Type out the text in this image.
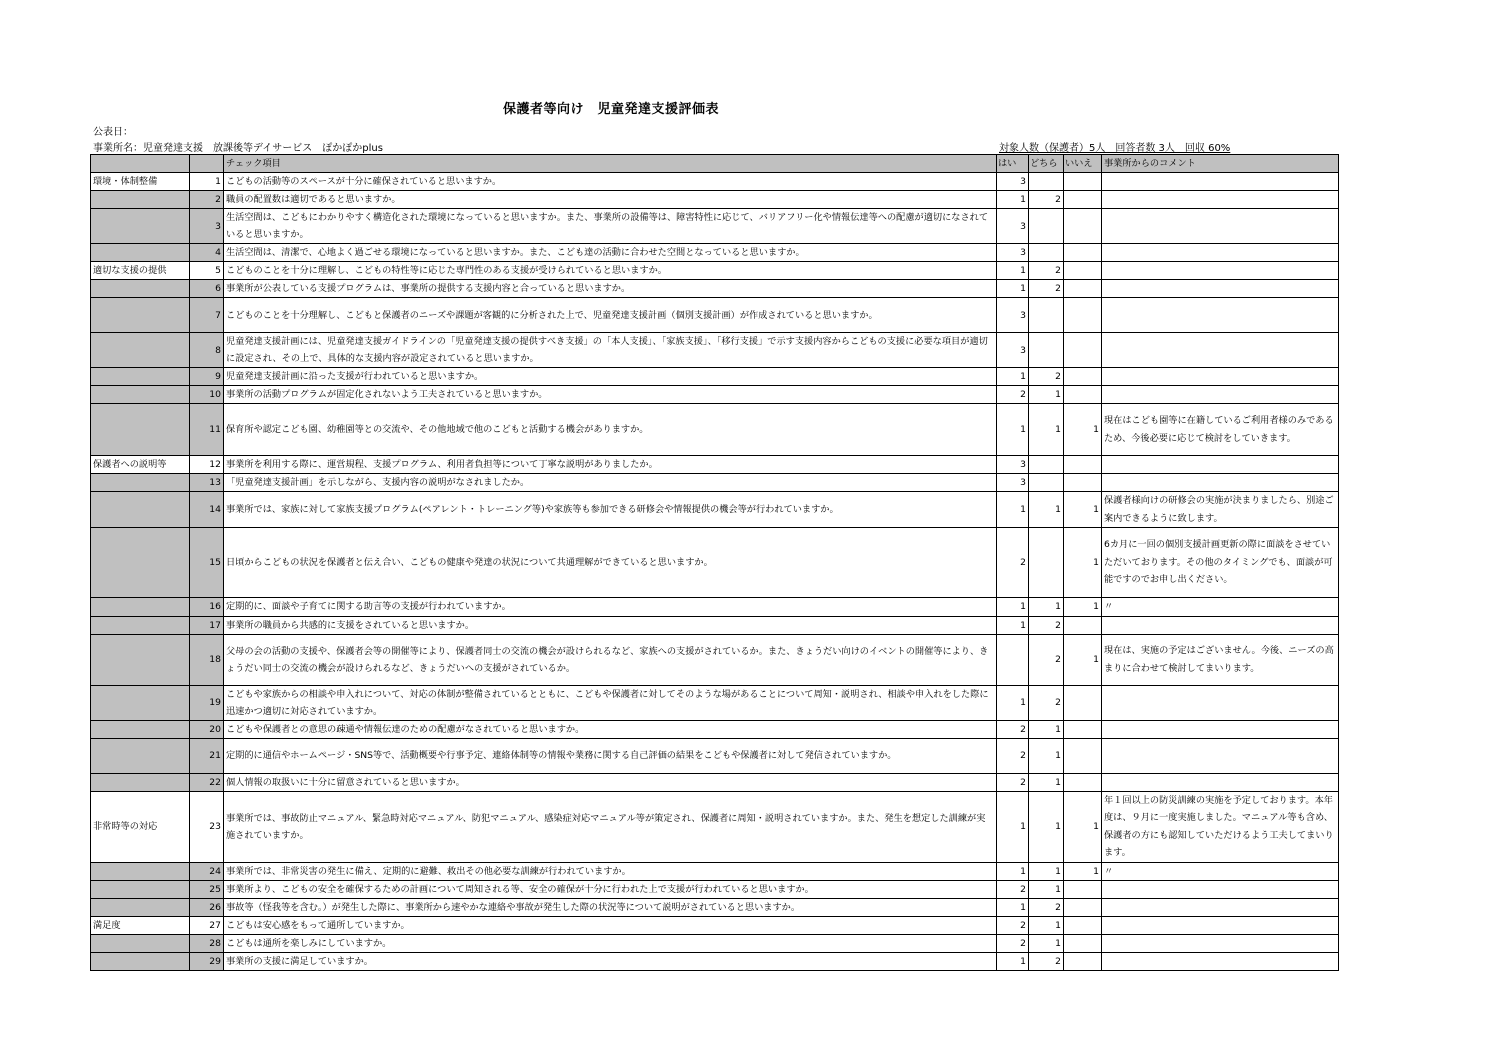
保護者等向け　児童発達支援評価表
公表日：
事業所名：児童発達支援　放課後等デイサービス　ぽかぽかplus	対象人数（保護者）5人　回答者数 3人　回収 60%
		チェック項目	はい	どちら	いいえ	事業所からのコメント
環境・体制整備	1	こどもの活動等のスペースが十分に確保されていると思いますか。	3			
	2	職員の配置数は適切であると思いますか。	1	2		
	3	生活空間は、こどもにわかりやすく構造化された環境になっていると思いますか。また、事業所の設備等は、障害特性に応じて、バリアフリー化や情報伝達等への配慮が適切になされていると思いますか。	3			
	4	生活空間は、清潔で、心地よく過ごせる環境になっていると思いますか。また、こども達の活動に合わせた空間となっていると思いますか。	3			
適切な支援の提供	5	こどものことを十分に理解し、こどもの特性等に応じた専門性のある支援が受けられていると思いますか。	1	2		
	6	事業所が公表している支援プログラムは、事業所の提供する支援内容と合っていると思いますか。	1	2		
	7	こどものことを十分理解し、こどもと保護者のニーズや課題が客観的に分析された上で、児童発達支援計画（個別支援計画）が作成されていると思いますか。	3			
	8	児童発達支援計画には、児童発達支援ガイドラインの「児童発達支援の提供すべき支援」の「本人支援」、「家族支援」、「移行支援」で示す支援内容からこどもの支援に必要な項目が適切に設定され、その上で、具体的な支援内容が設定されていると思いますか。	3			
	9	児童発達支援計画に沿った支援が行われていると思いますか。	1	2		
	10	事業所の活動プログラムが固定化されないよう工夫されていると思いますか。	2	1		
	11	保育所や認定こども園、幼稚園等との交流や、その他地域で他のこどもと活動する機会がありますか。	1	1	1	現在はこども園等に在籍しているご利用者様のみであるため、今後必要に応じて検討をしていきます。
保護者への説明等	12	事業所を利用する際に、運営規程、支援プログラム、利用者負担等について丁寧な説明がありましたか。	3			
	13	「児童発達支援計画」を示しながら、支援内容の説明がなされましたか。	3			
	14	事業所では、家族に対して家族支援プログラム(ペアレント・トレーニング等)や家族等も参加できる研修会や情報提供の機会等が行われていますか。	1	1	1	保護者様向けの研修会の実施が決まりましたら、別途ご案内できるように致します。
	15	日頃からこどもの状況を保護者と伝え合い、こどもの健康や発達の状況について共通理解ができていると思いますか。	2		1	6カ月に一回の個別支援計画更新の際に面談をさせていただいております。その他のタイミングでも、面談が可能ですのでお申し出ください。
	16	定期的に、面談や子育てに関する助言等の支援が行われていますか。	1	1	1	〃
	17	事業所の職員から共感的に支援をされていると思いますか。	1	2		
	18	父母の会の活動の支援や、保護者会等の開催等により、保護者同士の交流の機会が設けられるなど、家族への支援がされているか。また、きょうだい向けのイベントの開催等により、きょうだい同士の交流の機会が設けられるなど、きょうだいへの支援がされているか。		2	1	現在は、実施の予定はございません。今後、ニーズの高まりに合わせて検討してまいります。
	19	こどもや家族からの相談や申入れについて、対応の体制が整備されているとともに、こどもや保護者に対してそのような場があることについて周知・説明され、相談や申入れをした際に迅速かつ適切に対応されていますか。	1	2		
	20	こどもや保護者との意思の疎通や情報伝達のための配慮がなされていると思いますか。	2	1		
	21	定期的に通信やホームページ・SNS等で、活動概要や行事予定、連絡体制等の情報や業務に関する自己評価の結果をこどもや保護者に対して発信されていますか。	2	1		
	22	個人情報の取扱いに十分に留意されていると思いますか。	2	1		
非常時等の対応	23	事業所では、事故防止マニュアル、緊急時対応マニュアル、防犯マニュアル、感染症対応マニュアル等が策定され、保護者に周知・説明されていますか。また、発生を想定した訓練が実施されていますか。	1	1	1	年１回以上の防災訓練の実施を予定しております。本年度は、９月に一度実施しました。マニュアル等も含め、保護者の方にも認知していただけるよう工夫してまいります。
	24	事業所では、非常災害の発生に備え、定期的に避難、救出その他必要な訓練が行われていますか。	1	1	1	〃
	25	事業所より、こどもの安全を確保するための計画について周知される等、安全の確保が十分に行われた上で支援が行われていると思いますか。	2	1		
	26	事故等（怪我等を含む。）が発生した際に、事業所から速やかな連絡や事故が発生した際の状況等について説明がされていると思いますか。	1	2		
満足度	27	こどもは安心感をもって通所していますか。	2	1		
	28	こどもは通所を楽しみにしていますか。	2	1		
	29	事業所の支援に満足していますか。	1	2		
